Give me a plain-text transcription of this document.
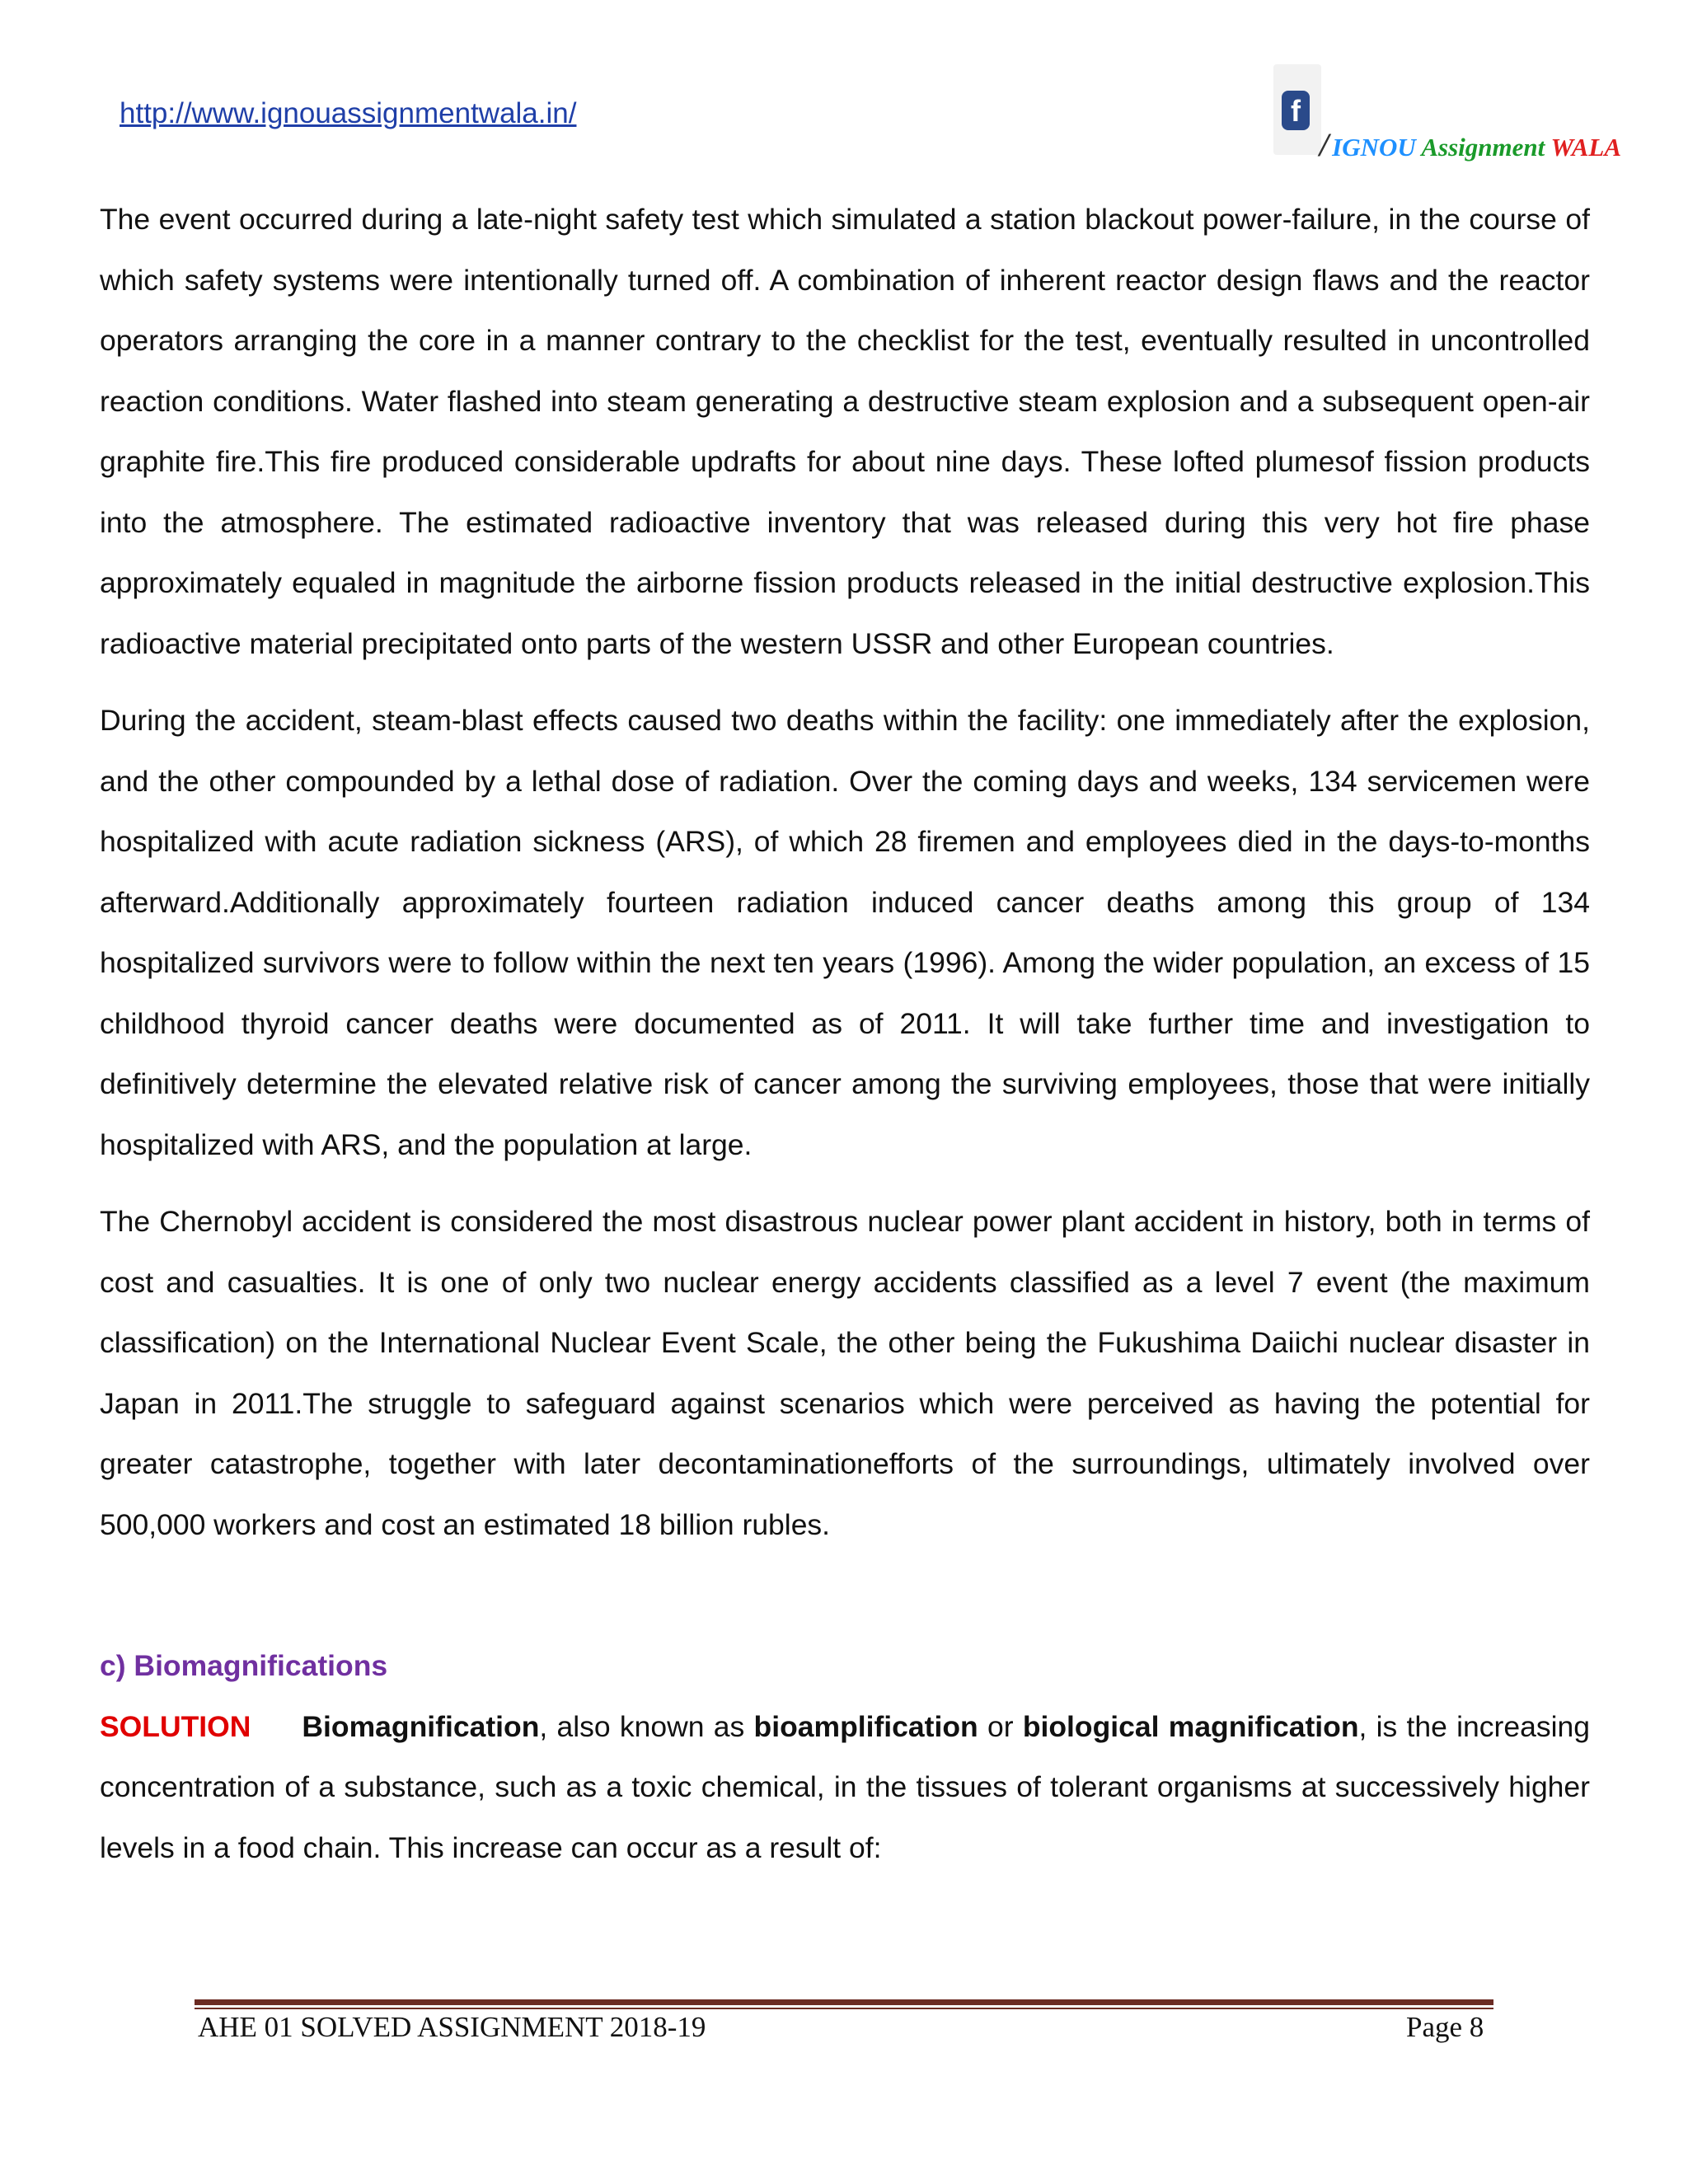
http://www.ignouassignmentwala.in/	f
/ IGNOU Assignment WALA

The event occurred during a late-night safety test which simulated a station blackout power-failure, in the course of which safety systems were intentionally turned off. A combination of inherent reactor design flaws and the reactor operators arranging the core in a manner contrary to the checklist for the test, eventually resulted in uncontrolled reaction conditions. Water flashed into steam generating a destructive steam explosion and a subsequent open-air graphite fire.This fire produced considerable updrafts for about nine days. These lofted plumesof fission products into the atmosphere. The estimated radioactive inventory that was released during this very hot fire phase approximately equaled in magnitude the airborne fission products released in the initial destructive explosion.This radioactive material precipitated onto parts of the western USSR and other European countries.

During the accident, steam-blast effects caused two deaths within the facility: one immediately after the explosion, and the other compounded by a lethal dose of radiation. Over the coming days and weeks, 134 servicemen were hospitalized with acute radiation sickness (ARS), of which 28 firemen and employees died in the days-to-months afterward.Additionally approximately fourteen radiation induced cancer deaths among this group of 134 hospitalized survivors were to follow within the next ten years (1996). Among the wider population, an excess of 15 childhood thyroid cancer deaths were documented as of 2011. It will take further time and investigation to definitively determine the elevated relative risk of cancer among the surviving employees, those that were initially hospitalized with ARS, and the population at large.

The Chernobyl accident is considered the most disastrous nuclear power plant accident in history, both in terms of cost and casualties. It is one of only two nuclear energy accidents classified as a level 7 event (the maximum classification) on the International Nuclear Event Scale, the other being the Fukushima Daiichi nuclear disaster in Japan in 2011.The struggle to safeguard against scenarios which were perceived as having the potential for greater catastrophe, together with later decontaminationefforts of the surroundings, ultimately involved over 500,000 workers and cost an estimated 18 billion rubles.

c) Biomagnifications

SOLUTION Biomagnification, also known as bioamplification or biological magnification, is the increasing concentration of a substance, such as a toxic chemical, in the tissues of tolerant organisms at successively higher levels in a food chain. This increase can occur as a result of:

AHE 01 SOLVED ASSIGNMENT 2018-19	Page 8
